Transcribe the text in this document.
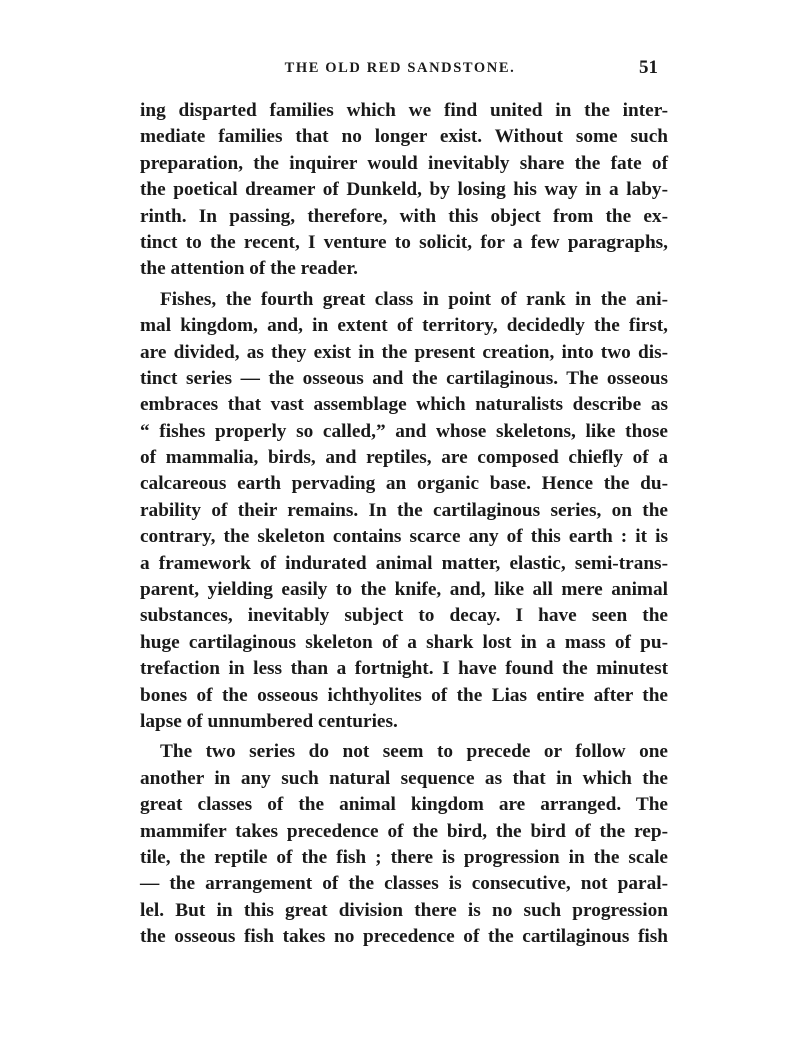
THE OLD RED SANDSTONE.	51
ing disparted families which we find united in the inter-
mediate families that no longer exist. Without some such
preparation, the inquirer would inevitably share the fate of
the poetical dreamer of Dunkeld, by losing his way in a laby-
rinth. In passing, therefore, with this object from the ex-
tinct to the recent, I venture to solicit, for a few paragraphs,
the attention of the reader.
Fishes, the fourth great class in point of rank in the ani-
mal kingdom, and, in extent of territory, decidedly the first,
are divided, as they exist in the present creation, into two dis-
tinct series — the osseous and the cartilaginous. The osseous
embraces that vast assemblage which naturalists describe as
“ fishes properly so called,” and whose skeletons, like those
of mammalia, birds, and reptiles, are composed chiefly of a
calcareous earth pervading an organic base. Hence the du-
rability of their remains. In the cartilaginous series, on the
contrary, the skeleton contains scarce any of this earth : it is
a framework of indurated animal matter, elastic, semi-trans-
parent, yielding easily to the knife, and, like all mere animal
substances, inevitably subject to decay. I have seen the
huge cartilaginous skeleton of a shark lost in a mass of pu-
trefaction in less than a fortnight. I have found the minutest
bones of the osseous ichthyolites of the Lias entire after the
lapse of unnumbered centuries.
The two series do not seem to precede or follow one
another in any such natural sequence as that in which the
great classes of the animal kingdom are arranged. The
mammifer takes precedence of the bird, the bird of the rep-
tile, the reptile of the fish ; there is progression in the scale
— the arrangement of the classes is consecutive, not paral-
lel. But in this great division there is no such progression
the osseous fish takes no precedence of the cartilaginous fish
